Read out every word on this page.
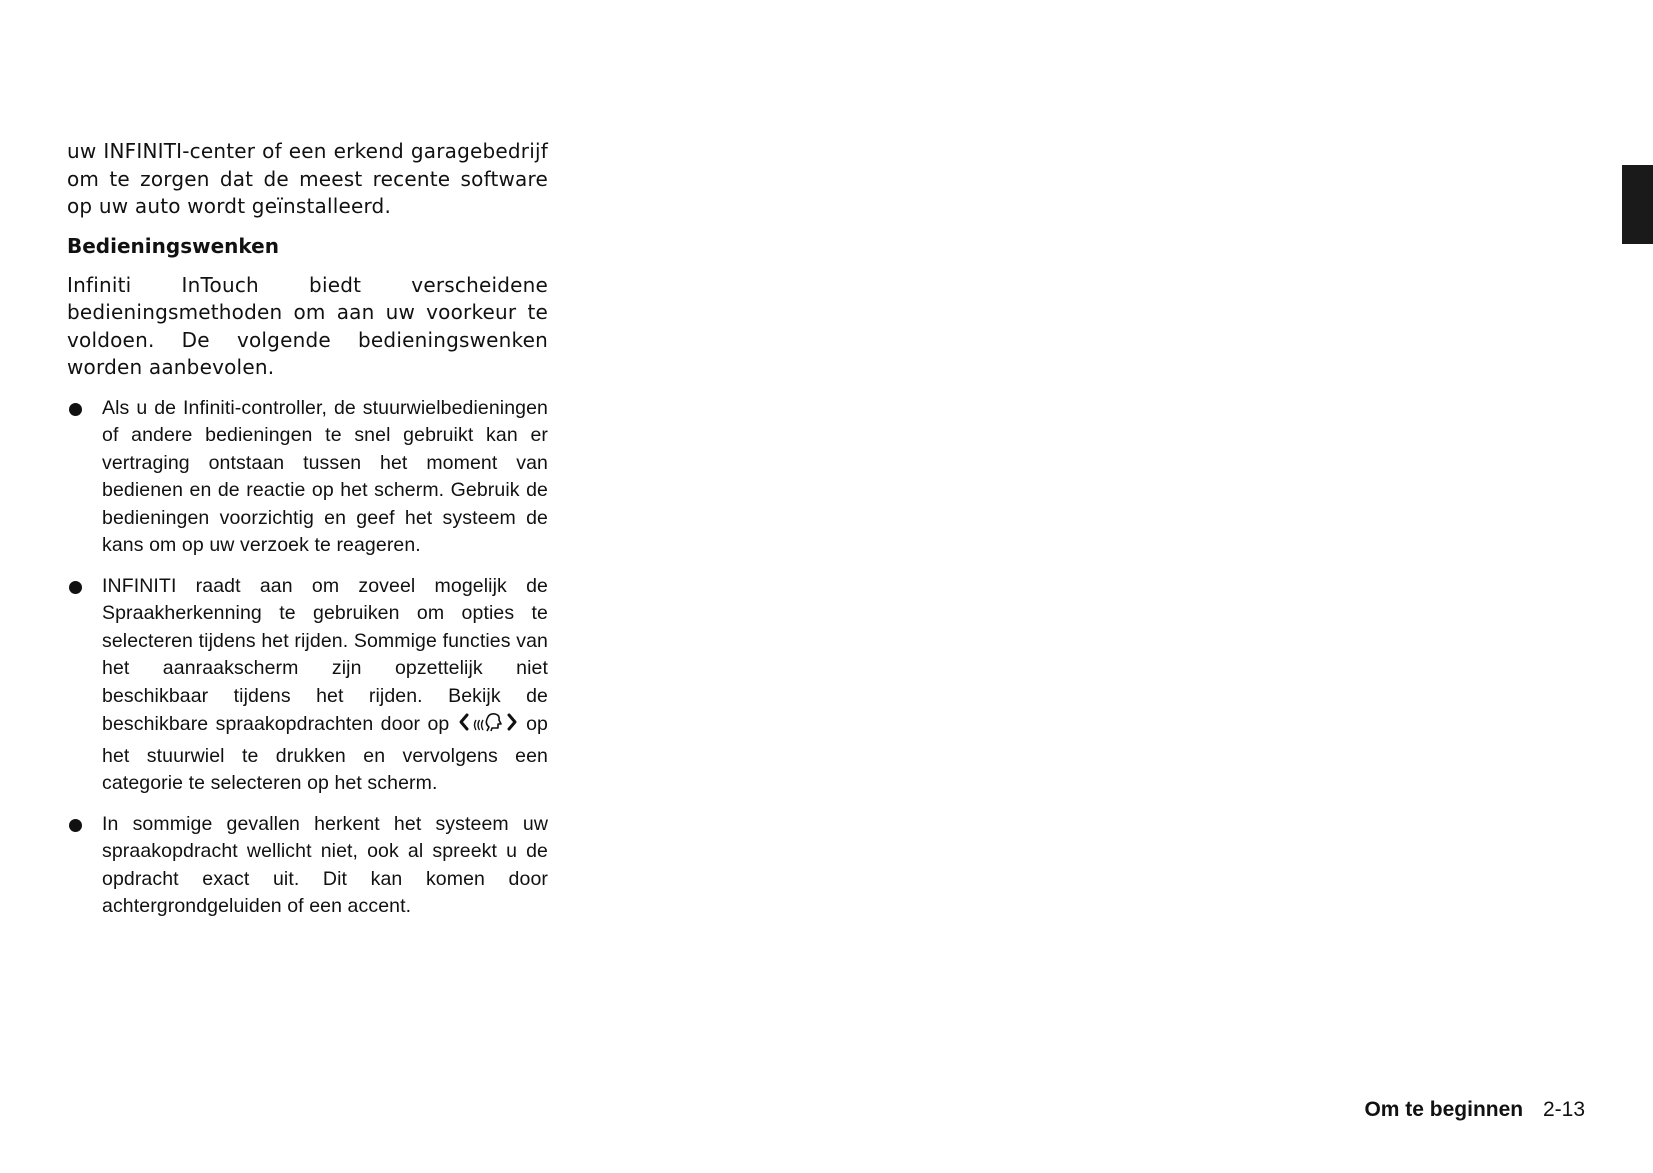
uw INFINITI-center of een erkend garagebedrijf om te zorgen dat de meest recente software op uw auto wordt geïnstalleerd.

Bedieningswenken

Infiniti InTouch biedt verscheidene bedieningsmethoden om aan uw voorkeur te voldoen. De volgende bedieningswenken worden aanbevolen.

Als u de Infiniti-controller, de stuurwielbedieningen of andere bedieningen te snel gebruikt kan er vertraging ontstaan tussen het moment van bedienen en de reactie op het scherm. Gebruik de bedieningen voorzichtig en geef het systeem de kans om op uw verzoek te reageren.

INFINITI raadt aan om zoveel mogelijk de Spraakherkenning te gebruiken om opties te selecteren tijdens het rijden. Sommige functies van het aanraakscherm zijn opzettelijk niet beschikbaar tijdens het rijden. Bekijk de beschikbare spraakopdrachten door op	op het stuurwiel te drukken en vervolgens een categorie te selecteren op het scherm.

In sommige gevallen herkent het systeem uw spraakopdracht wellicht niet, ook al spreekt u de opdracht exact uit. Dit kan komen door achtergrondgeluiden of een accent.

Om te beginnen 2-13
